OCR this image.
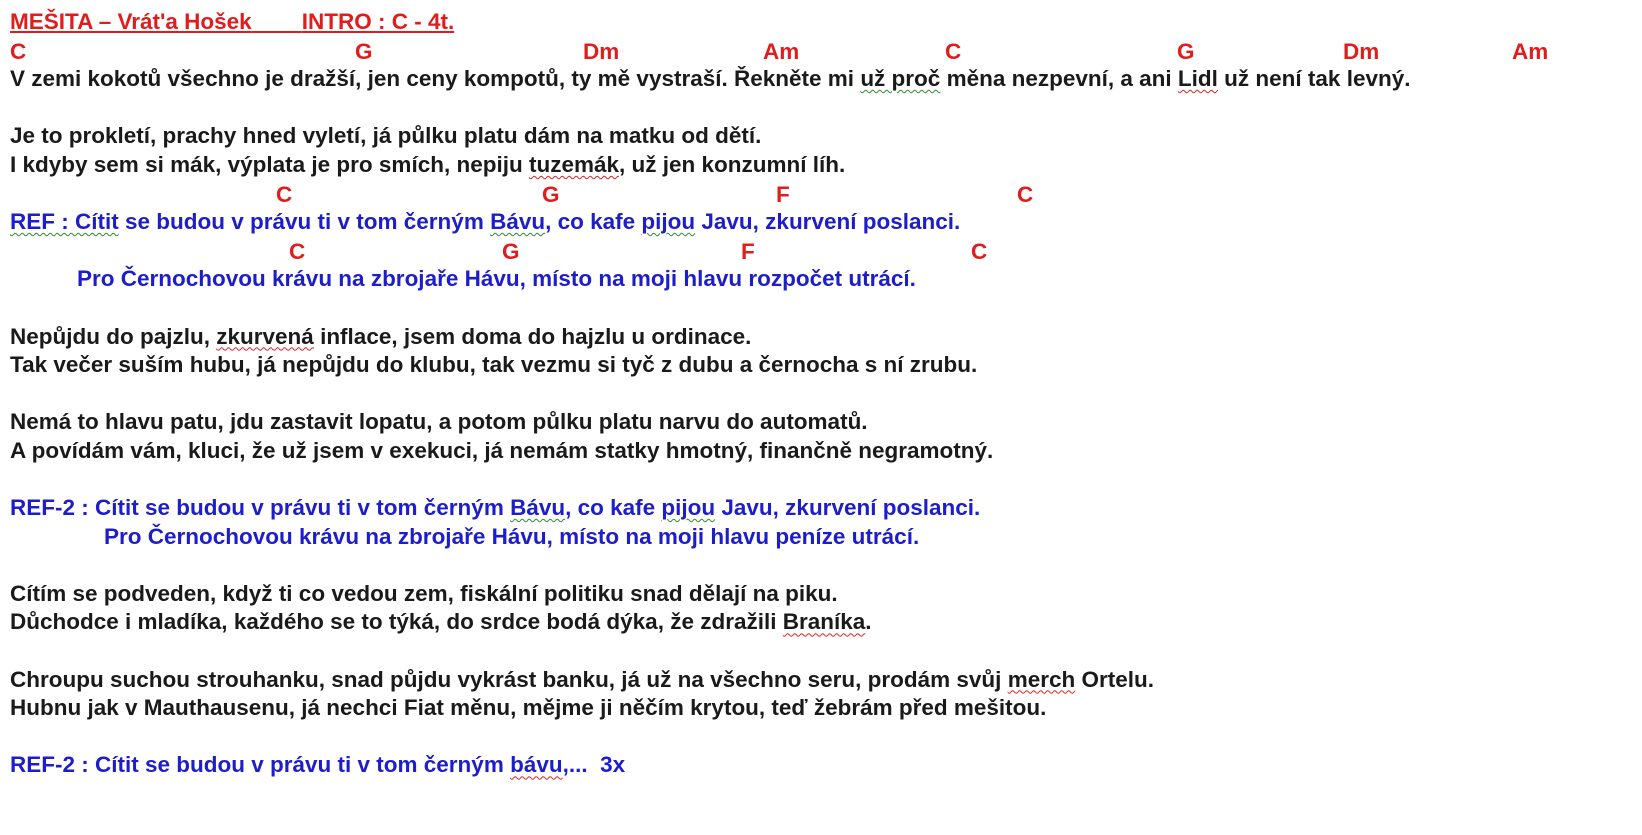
MEŠITA – Vrát'a Hošek INTRO : C - 4t.
C	G	Dm	Am	C	G	Dm	Am
V zemi kokotů všechno je dražší, jen ceny kompotů, ty mě vystraší. Řekněte mi už proč měna nezpevní, a ani Lidl už není tak levný.
Je to prokletí, prachy hned vyletí, já půlku platu dám na matku od dětí.
I kdyby sem si mák, výplata je pro smích, nepiju tuzemák, už jen konzumní líh.
C	G	F	C
REF : Cítit se budou v právu ti v tom černým Bávu, co kafe pijou Javu, zkurvení poslanci.
C	G	F	C
Pro Černochovou krávu na zbrojaře Hávu, místo na moji hlavu rozpočet utrácí.
Nepůjdu do pajzlu, zkurvená inflace, jsem doma do hajzlu u ordinace.
Tak večer suším hubu, já nepůjdu do klubu, tak vezmu si tyč z dubu a černocha s ní zrubu.
Nemá to hlavu patu, jdu zastavit lopatu, a potom půlku platu narvu do automatů.
A povídám vám, kluci, že už jsem v exekuci, já nemám statky hmotný, finančně negramotný.
REF-2 : Cítit se budou v právu ti v tom černým Bávu, co kafe pijou Javu, zkurvení poslanci.
Pro Černochovou krávu na zbrojaře Hávu, místo na moji hlavu peníze utrácí.
Cítím se podveden, když ti co vedou zem, fiskální politiku snad dělají na piku.
Důchodce i mladíka, každého se to týká, do srdce bodá dýka, že zdražili Braníka.
Chroupu suchou strouhanku, snad půjdu vykrást banku, já už na všechno seru, prodám svůj merch Ortelu.
Hubnu jak v Mauthausenu, já nechci Fiat měnu, mějme ji něčím krytou, teď žebrám před mešitou.
REF-2 : Cítit se budou v právu ti v tom černým bávu,...  3x
